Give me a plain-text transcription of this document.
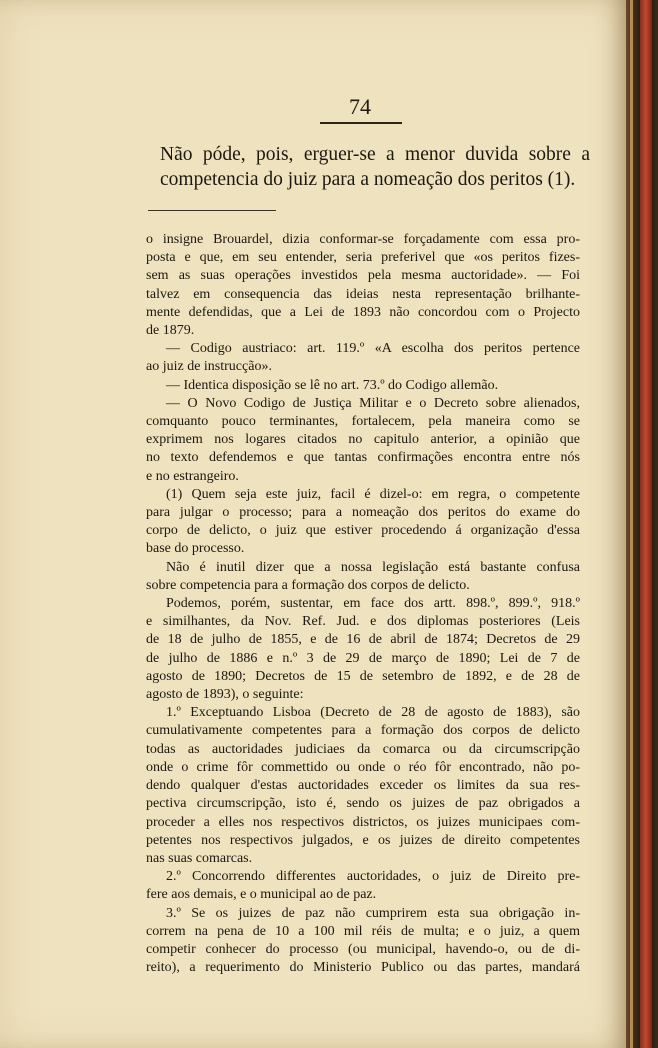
74
Não póde, pois, erguer-se a menor duvida sobre a competencia do juiz para a nomeação dos peritos (1).
o insigne Brouardel, dizia conformar-se forçadamente com essa pro-
posta e que, em seu entender, seria preferivel que «os peritos fizes-
sem as suas operações investidos pela mesma auctoridade». — Foi
talvez em consequencia das ideias nesta representação brilhante-
mente defendidas, que a Lei de 1893 não concordou com o Projecto
de 1879.
— Codigo austriaco: art. 119.º «A escolha dos peritos pertence
ao juiz de instrucção».
— Identica disposição se lê no art. 73.º do Codigo allemão.
— O Novo Codigo de Justiça Militar e o Decreto sobre alienados,
comquanto pouco terminantes, fortalecem, pela maneira como se
exprimem nos logares citados no capitulo anterior, a opinião que
no texto defendemos e que tantas confirmações encontra entre nós
e no estrangeiro.
(1) Quem seja este juiz, facil é dizel-o: em regra, o competente
para julgar o processo; para a nomeação dos peritos do exame do
corpo de delicto, o juiz que estiver procedendo á organização d'essa
base do processo.
Não é inutil dizer que a nossa legislação está bastante confusa
sobre competencia para a formação dos corpos de delicto.
Podemos, porém, sustentar, em face dos artt. 898.º, 899.º, 918.º
e similhantes, da Nov. Ref. Jud. e dos diplomas posteriores (Leis
de 18 de julho de 1855, e de 16 de abril de 1874; Decretos de 29
de julho de 1886 e n.º 3 de 29 de março de 1890; Lei de 7 de
agosto de 1890; Decretos de 15 de setembro de 1892, e de 28 de
agosto de 1893), o seguinte:
1.º Exceptuando Lisboa (Decreto de 28 de agosto de 1883), são
cumulativamente competentes para a formação dos corpos de delicto
todas as auctoridades judiciaes da comarca ou da circumscripção
onde o crime fôr commettido ou onde o réo fôr encontrado, não po-
dendo qualquer d'estas auctoridades exceder os limites da sua res-
pectiva circumscripção, isto é, sendo os juizes de paz obrigados a
proceder a elles nos respectivos districtos, os juizes municipaes com-
petentes nos respectivos julgados, e os juizes de direito competentes
nas suas comarcas.
2.º Concorrendo differentes auctoridades, o juiz de Direito pre-
fere aos demais, e o municipal ao de paz.
3.º Se os juizes de paz não cumprirem esta sua obrigação in-
correm na pena de 10 a 100 mil réis de multa; e o juiz, a quem
competir conhecer do processo (ou municipal, havendo-o, ou de di-
reito), a requerimento do Ministerio Publico ou das partes, mandará
